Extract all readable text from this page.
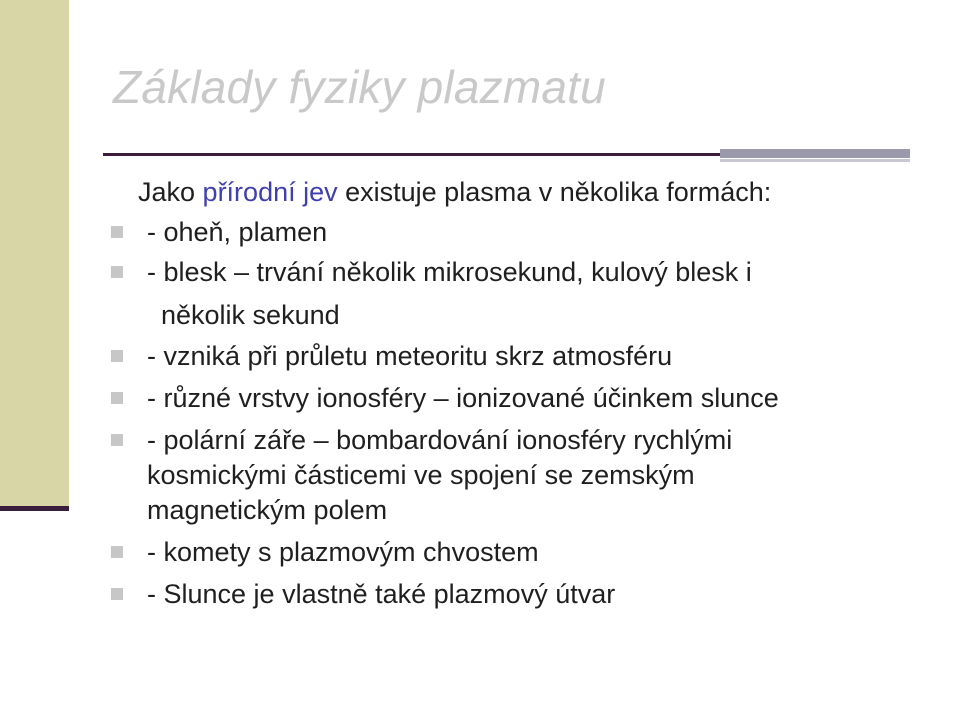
Základy fyziky plazmatu
Jako přírodní jev existuje plasma v několika formách:
- oheň, plamen
- blesk – trvání několik mikrosekund, kulový blesk i
několik sekund
- vzniká při průletu meteoritu skrz atmosféru
- různé vrstvy ionosféry – ionizované účinkem slunce
- polární záře – bombardování ionosféry rychlými
kosmickými částicemi ve spojení se zemským
magnetickým polem
- komety s plazmovým chvostem
- Slunce je vlastně také plazmový útvar
